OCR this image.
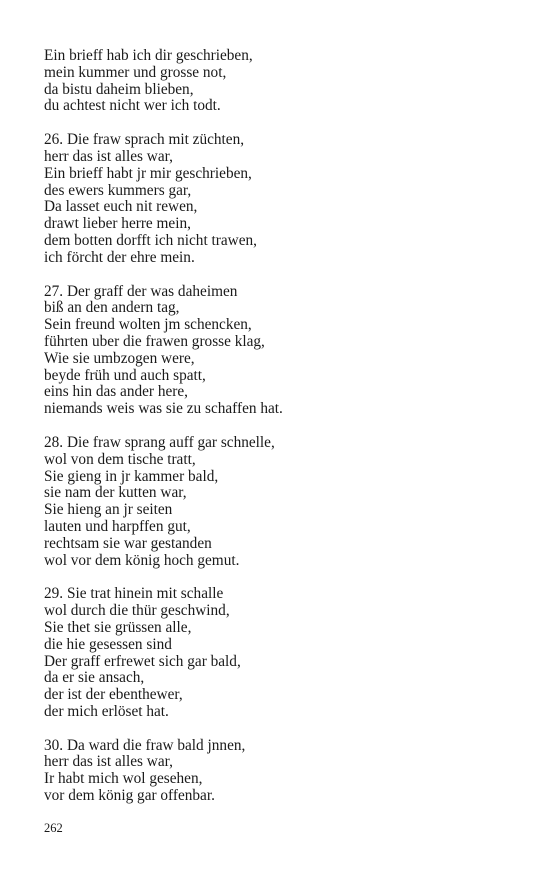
Ein brieff hab ich dir geschrieben,
mein kummer und grosse not,
da bistu daheim blieben,
du achtest nicht wer ich todt.
26. Die fraw sprach mit züchten,
herr das ist alles war,
Ein brieff habt jr mir geschrieben,
des ewers kummers gar,
Da lasset euch nit rewen,
drawt lieber herre mein,
dem botten dorfft ich nicht trawen,
ich förcht der ehre mein.
27. Der graff der was daheimen
biß an den andern tag,
Sein freund wolten jm schencken,
führten uber die frawen grosse klag,
Wie sie umbzogen were,
beyde früh und auch spatt,
eins hin das ander here,
niemands weis was sie zu schaffen hat.
28. Die fraw sprang auff gar schnelle,
wol von dem tische tratt,
Sie gieng in jr kammer bald,
sie nam der kutten war,
Sie hieng an jr seiten
lauten und harpffen gut,
rechtsam sie war gestanden
wol vor dem könig hoch gemut.
29. Sie trat hinein mit schalle
wol durch die thür geschwind,
Sie thet sie grüssen alle,
die hie gesessen sind
Der graff erfrewet sich gar bald,
da er sie ansach,
der ist der ebenthewer,
der mich erlöset hat.
30. Da ward die fraw bald jnnen,
herr das ist alles war,
Ir habt mich wol gesehen,
vor dem könig gar offenbar.
262
